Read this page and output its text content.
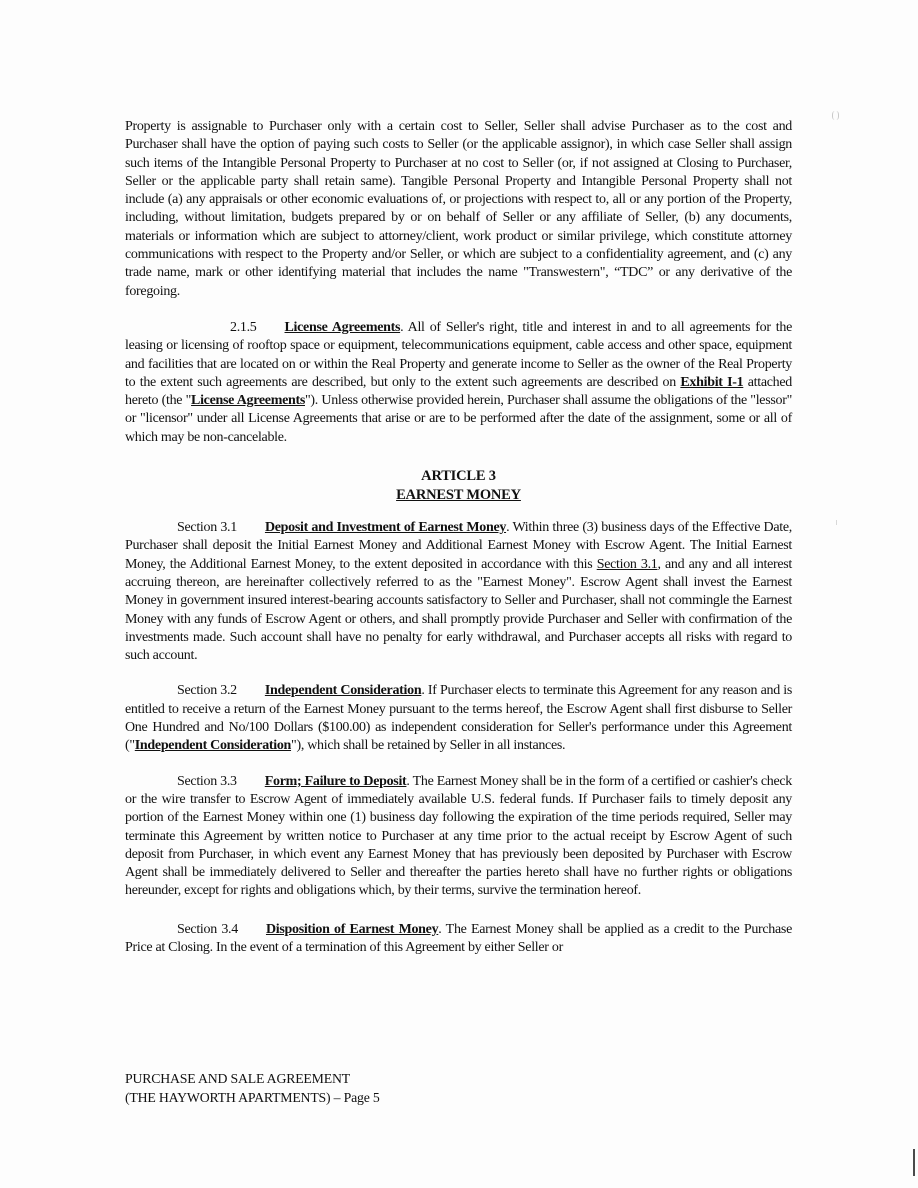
Property is assignable to Purchaser only with a certain cost to Seller, Seller shall advise Purchaser as to the cost and Purchaser shall have the option of paying such costs to Seller (or the applicable assignor), in which case Seller shall assign such items of the Intangible Personal Property to Purchaser at no cost to Seller (or, if not assigned at Closing to Purchaser, Seller or the applicable party shall retain same). Tangible Personal Property and Intangible Personal Property shall not include (a) any appraisals or other economic evaluations of, or projections with respect to, all or any portion of the Property, including, without limitation, budgets prepared by or on behalf of Seller or any affiliate of Seller, (b) any documents, materials or information which are subject to attorney/client, work product or similar privilege, which constitute attorney communications with respect to the Property and/or Seller, or which are subject to a confidentiality agreement, and (c) any trade name, mark or other identifying material that includes the name "Transwestern", “TDC” or any derivative of the foregoing.

2.1.5 License Agreements. All of Seller's right, title and interest in and to all agreements for the leasing or licensing of rooftop space or equipment, telecommunications equipment, cable access and other space, equipment and facilities that are located on or within the Real Property and generate income to Seller as the owner of the Real Property to the extent such agreements are described, but only to the extent such agreements are described on Exhibit I-1 attached hereto (the "License Agreements"). Unless otherwise provided herein, Purchaser shall assume the obligations of the "lessor" or "licensor" under all License Agreements that arise or are to be performed after the date of the assignment, some or all of which may be non-cancelable.

ARTICLE 3
EARNEST MONEY

Section 3.1 Deposit and Investment of Earnest Money. Within three (3) business days of the Effective Date, Purchaser shall deposit the Initial Earnest Money and Additional Earnest Money with Escrow Agent. The Initial Earnest Money, the Additional Earnest Money, to the extent deposited in accordance with this Section 3.1, and any and all interest accruing thereon, are hereinafter collectively referred to as the "Earnest Money". Escrow Agent shall invest the Earnest Money in government insured interest-bearing accounts satisfactory to Seller and Purchaser, shall not commingle the Earnest Money with any funds of Escrow Agent or others, and shall promptly provide Purchaser and Seller with confirmation of the investments made. Such account shall have no penalty for early withdrawal, and Purchaser accepts all risks with regard to such account.

Section 3.2 Independent Consideration. If Purchaser elects to terminate this Agreement for any reason and is entitled to receive a return of the Earnest Money pursuant to the terms hereof, the Escrow Agent shall first disburse to Seller One Hundred and No/100 Dollars ($100.00) as independent consideration for Seller's performance under this Agreement ("Independent Consideration"), which shall be retained by Seller in all instances.

Section 3.3 Form; Failure to Deposit. The Earnest Money shall be in the form of a certified or cashier's check or the wire transfer to Escrow Agent of immediately available U.S. federal funds. If Purchaser fails to timely deposit any portion of the Earnest Money within one (1) business day following the expiration of the time periods required, Seller may terminate this Agreement by written notice to Purchaser at any time prior to the actual receipt by Escrow Agent of such deposit from Purchaser, in which event any Earnest Money that has previously been deposited by Purchaser with Escrow Agent shall be immediately delivered to Seller and thereafter the parties hereto shall have no further rights or obligations hereunder, except for rights and obligations which, by their terms, survive the termination hereof.

Section 3.4 Disposition of Earnest Money. The Earnest Money shall be applied as a credit to the Purchase Price at Closing. In the event of a termination of this Agreement by either Seller or

PURCHASE AND SALE AGREEMENT
(THE HAYWORTH APARTMENTS) – Page 5
